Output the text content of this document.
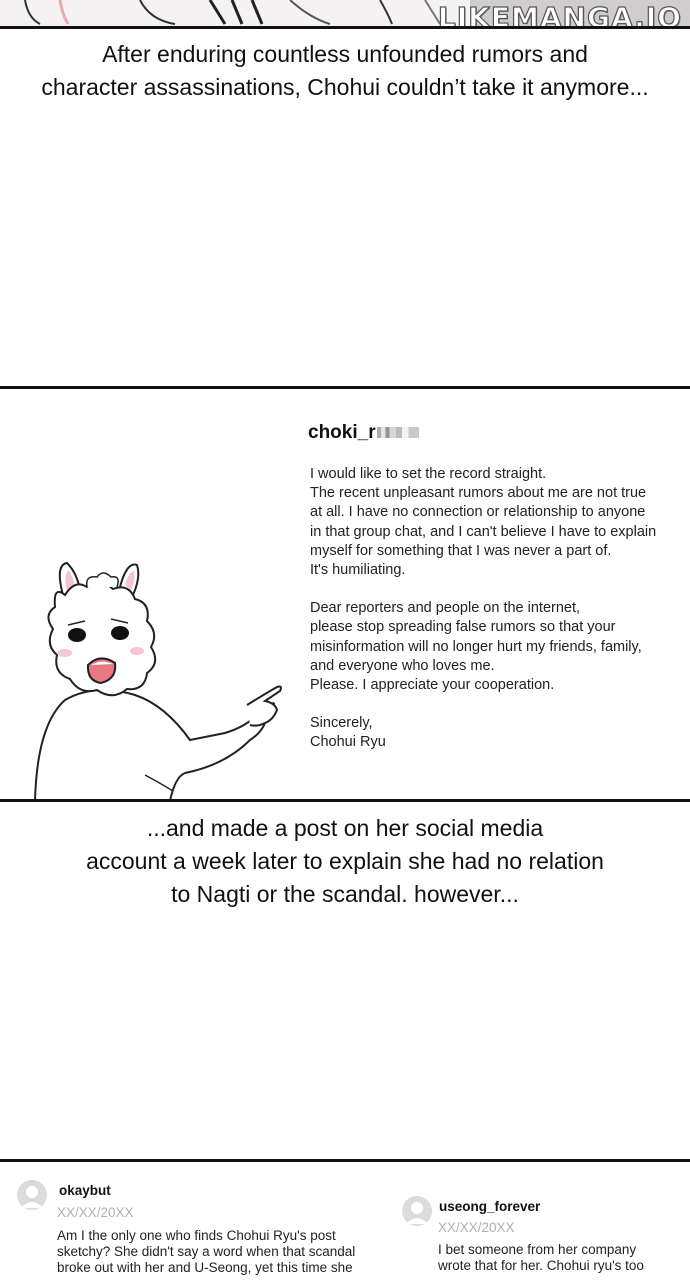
LIKEMANGA.IO
After enduring countless unfounded rumors and
character assassinations, Chohui couldn’t take it anymore...
choki_r

I would like to set the record straight.
The recent unpleasant rumors about me are not true
at all. I have no connection or relationship to anyone
in that group chat, and I can't believe I have to explain
myself for something that I was never a part of.
It's humiliating.

Dear reporters and people on the internet,
please stop spreading false rumors so that your
misinformation will no longer hurt my friends, family,
and everyone who loves me.
Please. I appreciate your cooperation.

Sincerely,
Chohui Ryu

...and made a post on her social media
account a week later to explain she had no relation
to Nagti or the scandal. however...
okaybut
XX/XX/20XX
Am I the only one who finds Chohui Ryu's post
sketchy? She didn't say a word when that scandal
broke out with her and U-Seong, yet this time she
useong_forever
XX/XX/20XX
I bet someone from her company
wrote that for her. Chohui ryu's too
